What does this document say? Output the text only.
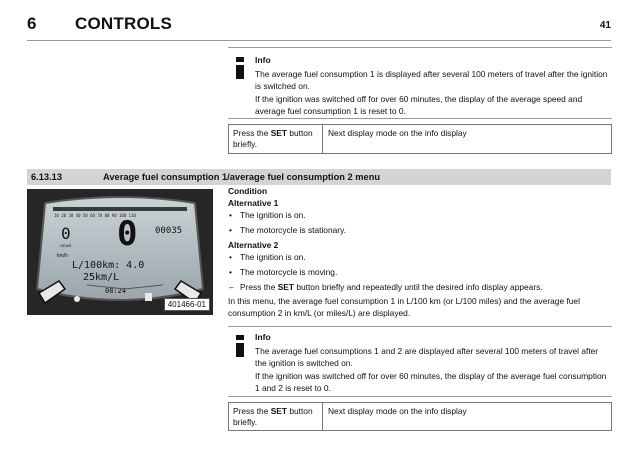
6 CONTROLS	41
Info
The average fuel consumption 1 is displayed after several 100 meters of travel after the ignition is switched on.
If the ignition was switched off for over 60 minutes, the display of the average speed and average fuel consumption 1 is reset to 0.
Press the SET button briefly.
Next display mode on the info display
6.13.13	Average fuel consumption 1/average fuel consumption 2 menu
10 20 30 40 50 60 70 80 90 100 110
0
GEAR
km/h
0 00035
L/100km: 4.0
25km/L
08:24
401466-01
Condition
Alternative 1
• The ignition is on.
• The motorcycle is stationary.
Alternative 2
• The ignition is on.
• The motorcycle is moving.
– Press the SET button briefly and repeatedly until the desired info display appears.
In this menu, the average fuel consumption 1 in L/100 km (or L/100 miles) and the average fuel consumption 2 in km/L (or miles/L) are displayed.
Info
The average fuel consumptions 1 and 2 are displayed after several 100 meters of travel after the ignition is switched on.
If the ignition was switched off for over 60 minutes, the display of the average fuel consumption 1 and 2 is reset to 0.
Press the SET button briefly.
Next display mode on the info display
